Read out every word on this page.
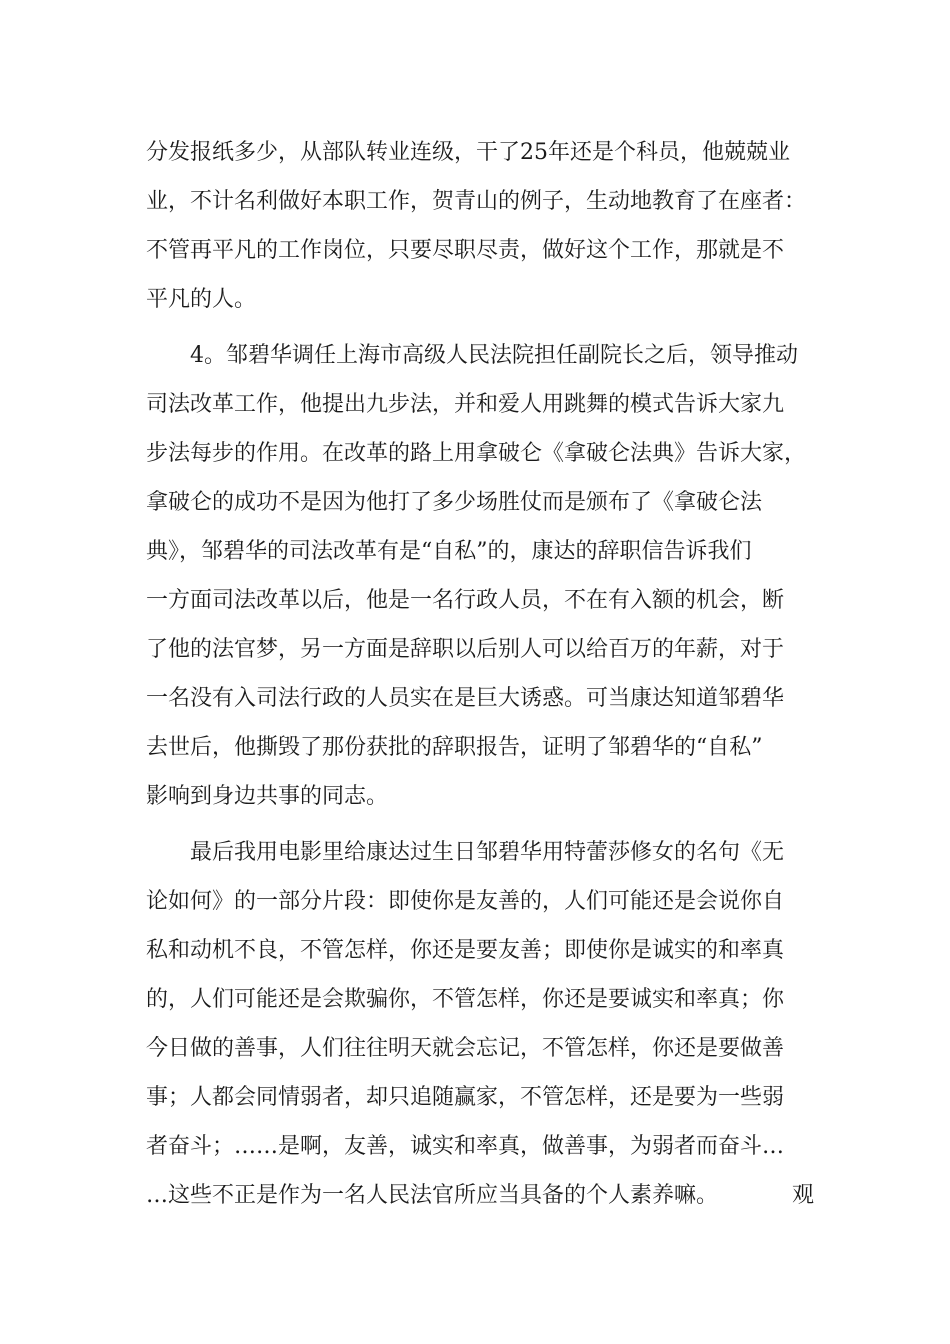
分发报纸多少，从部队转业连级，干了25年还是个科员，他兢兢业
业，不计名利做好本职工作，贺青山的例子，生动地教育了在座者：
不管再平凡的工作岗位，只要尽职尽责，做好这个工作，那就是不
平凡的人。
4。邹碧华调任上海市高级人民法院担任副院长之后，领导推动
司法改革工作，他提出九步法，并和爱人用跳舞的模式告诉大家九
步法每步的作用。在改革的路上用拿破仑《拿破仑法典》告诉大家，
拿破仑的成功不是因为他打了多少场胜仗而是颁布了《拿破仑法
典》，邹碧华的司法改革有是“自私”的，康达的辞职信告诉我们
一方面司法改革以后，他是一名行政人员，不在有入额的机会，断
了他的法官梦，另一方面是辞职以后别人可以给百万的年薪，对于
一名没有入司法行政的人员实在是巨大诱惑。可当康达知道邹碧华
去世后，他撕毁了那份获批的辞职报告，证明了邹碧华的“自私”
影响到身边共事的同志。
最后我用电影里给康达过生日邹碧华用特蕾莎修女的名句《无
论如何》的一部分片段：即使你是友善的，人们可能还是会说你自
私和动机不良，不管怎样，你还是要友善；即使你是诚实的和率真
的，人们可能还是会欺骗你，不管怎样，你还是要诚实和率真；你
今日做的善事，人们往往明天就会忘记，不管怎样，你还是要做善
事；人都会同情弱者，却只追随赢家，不管怎样，还是要为一些弱
者奋斗；……是啊，友善，诚实和率真，做善事，为弱者而奋斗…
…这些不正是作为一名人民法官所应当具备的个人素养嘛。	观
